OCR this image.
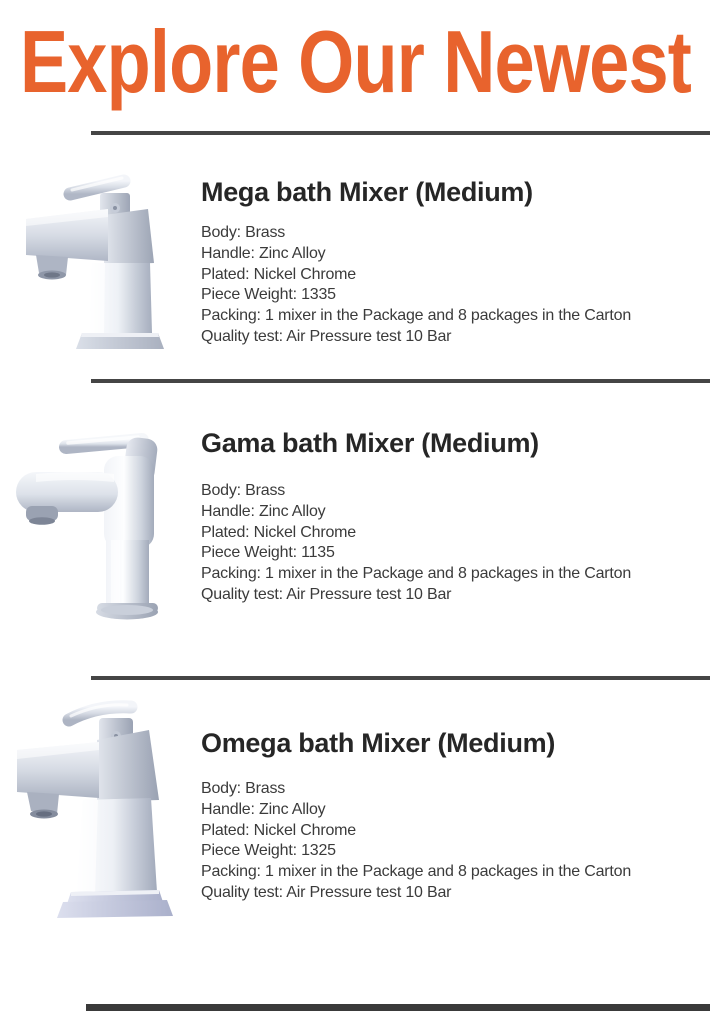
Explore Our Newest
Mega bath Mixer (Medium)
Body: Brass
Handle: Zinc Alloy
Plated: Nickel Chrome
Piece Weight: 1335
Packing: 1 mixer in the Package and 8 packages in the Carton
Quality test: Air Pressure test 10 Bar
Gama bath Mixer (Medium)
Body: Brass
Handle: Zinc Alloy
Plated: Nickel Chrome
Piece Weight: 1135
Packing: 1 mixer in the Package and 8 packages in the Carton
Quality test: Air Pressure test 10 Bar
Omega bath Mixer (Medium)
Body: Brass
Handle: Zinc Alloy
Plated: Nickel Chrome
Piece Weight: 1325
Packing: 1 mixer in the Package and 8 packages in the Carton
Quality test: Air Pressure test 10 Bar
